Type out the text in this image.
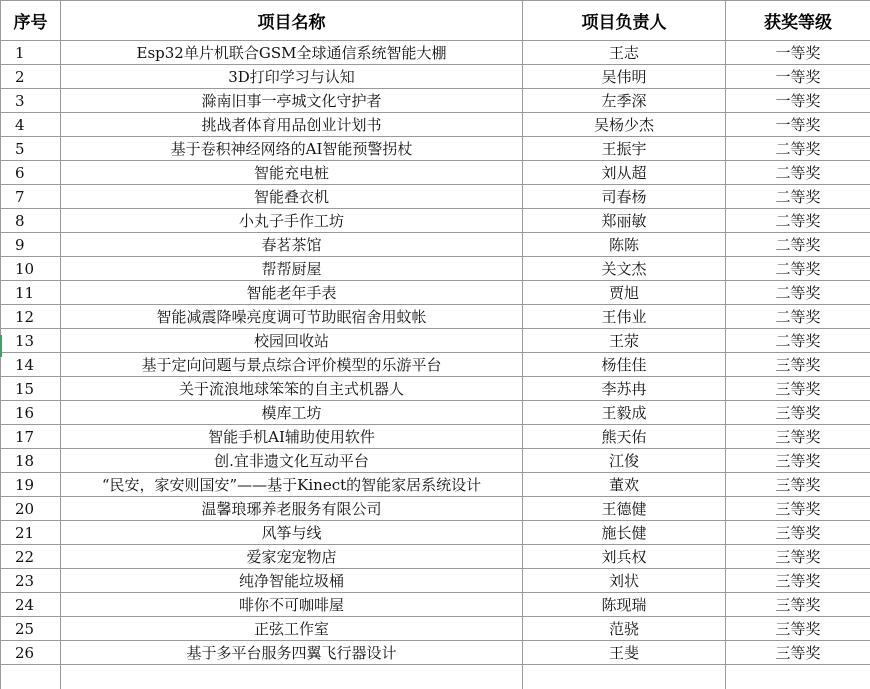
序号	项目名称	项目负责人	获奖等级
1	Esp32单片机联合GSM全球通信系统智能大棚	王志	一等奖
2	3D打印学习与认知	吴伟明	一等奖
3	滁南旧事一亭城文化守护者	左季深	一等奖
4	挑战者体育用品创业计划书	吴杨少杰	一等奖
5	基于卷积神经网络的AI智能预警拐杖	王振宇	二等奖
6	智能充电桩	刘从超	二等奖
7	智能叠衣机	司春杨	二等奖
8	小丸子手作工坊	郑丽敏	二等奖
9	春茗茶馆	陈陈	二等奖
10	帮帮厨屋	关文杰	二等奖
11	智能老年手表	贾旭	二等奖
12	智能减震降噪亮度调可节助眠宿舍用蚊帐	王伟业	二等奖
13	校园回收站	王荥	二等奖
14	基于定向问题与景点综合评价模型的乐游平台	杨佳佳	三等奖
15	关于流浪地球笨笨的自主式机器人	李苏冉	三等奖
16	模库工坊	王毅成	三等奖
17	智能手机AI辅助使用软件	熊天佑	三等奖
18	创.宜非遗文化互动平台	江俊	三等奖
19	“民安，家安则国安”——基于Kinect的智能家居系统设计	董欢	三等奖
20	温馨琅琊养老服务有限公司	王德健	三等奖
21	风筝与线	施长健	三等奖
22	爱家宠宠物店	刘兵权	三等奖
23	纯净智能垃圾桶	刘状	三等奖
24	啡你不可咖啡屋	陈现瑞	三等奖
25	正弦工作室	范骁	三等奖
26	基于多平台服务四翼飞行器设计	王斐	三等奖
